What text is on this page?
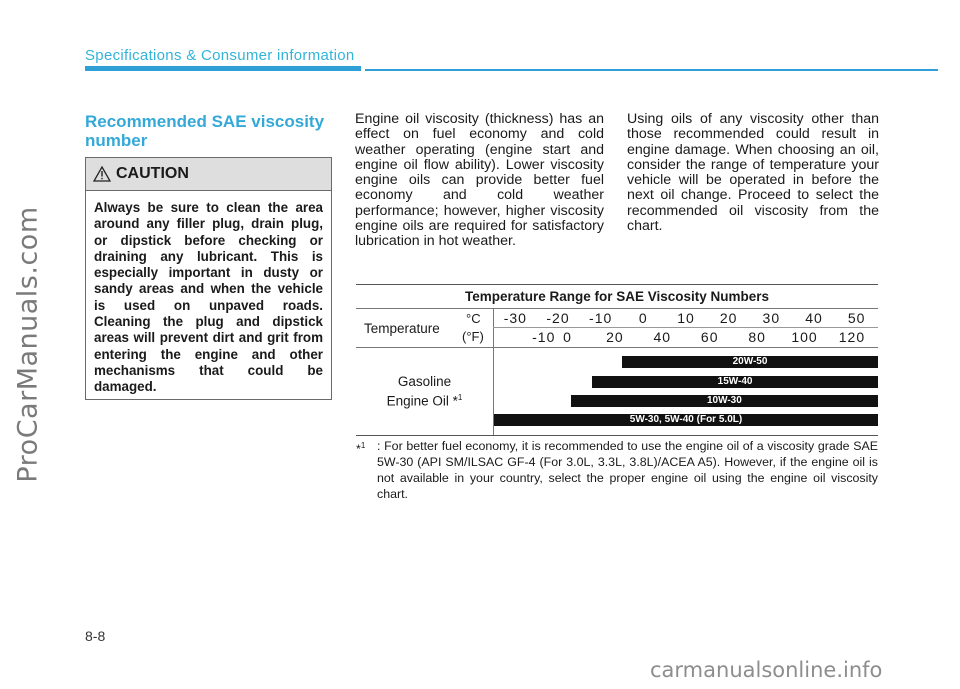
ProCarManuals.com
Specifications & Consumer information
Recommended SAE viscosity number
CAUTION
Always be sure to clean the area around any filler plug, drain plug, or dipstick before checking or draining any lubricant. This is especially important in dusty or sandy areas and when the vehicle is used on unpaved roads. Cleaning the plug and dipstick areas will prevent dirt and grit from entering the engine and other mechanisms that could be damaged.
Engine oil viscosity (thickness) has an effect on fuel economy and cold weather operating (engine start and engine oil flow ability). Lower viscosity engine oils can provide better fuel economy and cold weather performance; however, higher viscosity engine oils are required for satisfactory lubrication in hot weather.
Using oils of any viscosity other than those recommended could result in engine damage. When choosing an oil, consider the range of temperature your vehicle will be operated in before the next oil change. Proceed to select the recommended oil viscosity from the chart.
Temperature Range for SAE Viscosity Numbers
Temperature
°C
(°F)
-30 -20 -10 0 10 20 30 40 50
-10 0 20 40 60 80 100 120
Gasoline
Engine Oil *$^1$
20W-50
15W-40
10W-30
5W-30, 5W-40 (For 5.0L)
*$^1$ : For better fuel economy, it is recommended to use the engine oil of a viscosity grade SAE 5W-30 (API SM/ILSAC GF-4 (For 3.0L, 3.3L, 3.8L)/ACEA A5). However, if the engine oil is not available in your country, select the proper engine oil using the engine oil viscosity chart.
8-8
carmanualsonline.info
